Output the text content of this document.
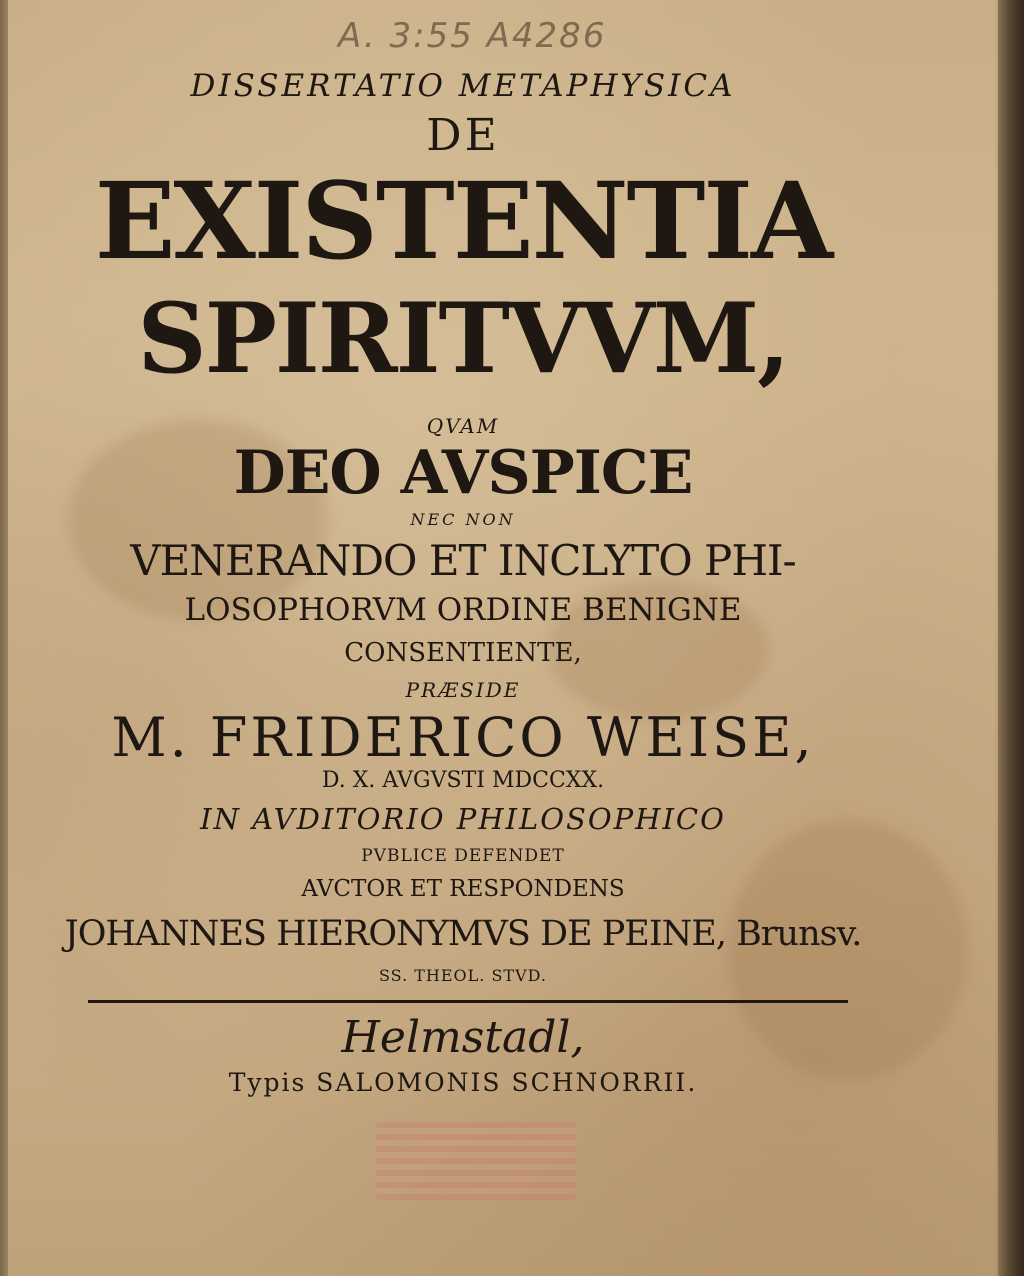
A. 3:55 A4286

DISSERTATIO METAPHYSICA

DE

EXISTENTIA

SPIRITVVM,

QVAM

DEO AVSPICE

NEC NON

VENERANDO ET INCLYTO PHI-

LOSOPHORVM ORDINE BENIGNE

CONSENTIENTE,

PRÆSIDE

M. FRIDERICO WEISE,

D. X. AVGVSTI MDCCXX.

IN AVDITORIO PHILOSOPHICO

PVBLICE DEFENDET

AVCTOR ET RESPONDENS

JOHANNES HIERONYMVS DE PEINE, Brunsv.

SS. THEOL. STVD.

Helmstadl,

Typis SALOMONIS SCHNORRII.
